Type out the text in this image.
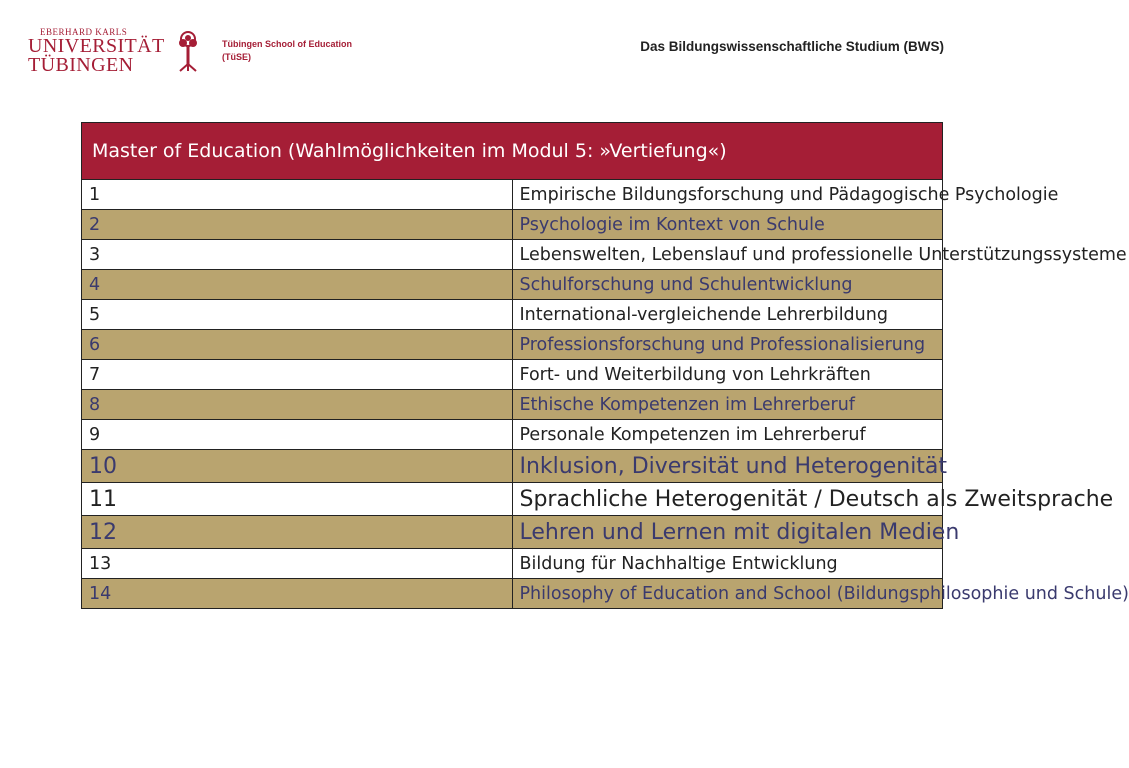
EBERHARD KARLS
UNIVERSITÄT
TÜBINGEN
Tübingen School of Education
(TüSE)
Das Bildungswissenschaftliche Studium (BWS)
Master of Education (Wahlmöglichkeiten im Modul 5: »Vertiefung«)	
1	Empirische Bildungsforschung und Pädagogische Psychologie
2	Psychologie im Kontext von Schule
3	Lebenswelten, Lebenslauf und professionelle Unterstützungssysteme
4	Schulforschung und Schulentwicklung
5	International-vergleichende Lehrerbildung
6	Professionsforschung und Professionalisierung
7	Fort- und Weiterbildung von Lehrkräften
8	Ethische Kompetenzen im Lehrerberuf
9	Personale Kompetenzen im Lehrerberuf
10	Inklusion, Diversität und Heterogenität
11	Sprachliche Heterogenität / Deutsch als Zweitsprache
12	Lehren und Lernen mit digitalen Medien
13	Bildung für Nachhaltige Entwicklung
14	Philosophy of Education and School (Bildungsphilosophie und Schule)
